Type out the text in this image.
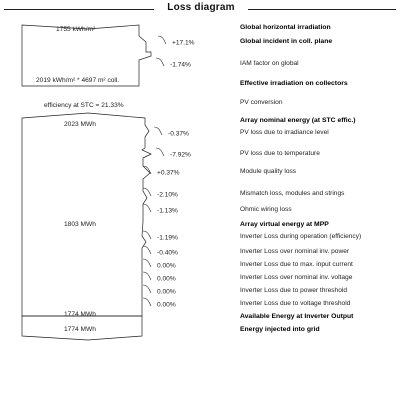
Loss diagram
1755 kWh/m²
2019 kWh/m² * 4697 m² coll.
efficiency at STC = 21.33%
2023 MWh
1803 MWh
1774 MWh
1774 MWh
+17.1%
-1.74%
-0.37%
-7.92%
+0.37%
-2.10%
-1.13%
-1.19%
-0.40%
0.00%
0.00%
0.00%
0.00%
Global horizontal irradiation
Global incident in coll. plane
IAM factor on global
Effective irradiation on collectors
PV conversion
Array nominal energy (at STC effic.)
PV loss due to irradiance level
PV loss due to temperature
Module quality loss
Mismatch loss, modules and strings
Ohmic wiring loss
Array virtual energy at MPP
Inverter Loss during operation (efficiency)
Inverter Loss over nominal inv. power
Inverter Loss due to max. input current
Inverter Loss over nominal inv. voltage
Inverter Loss due to power threshold
Inverter Loss due to voltage threshold
Available Energy at Inverter Output
Energy injected into grid
